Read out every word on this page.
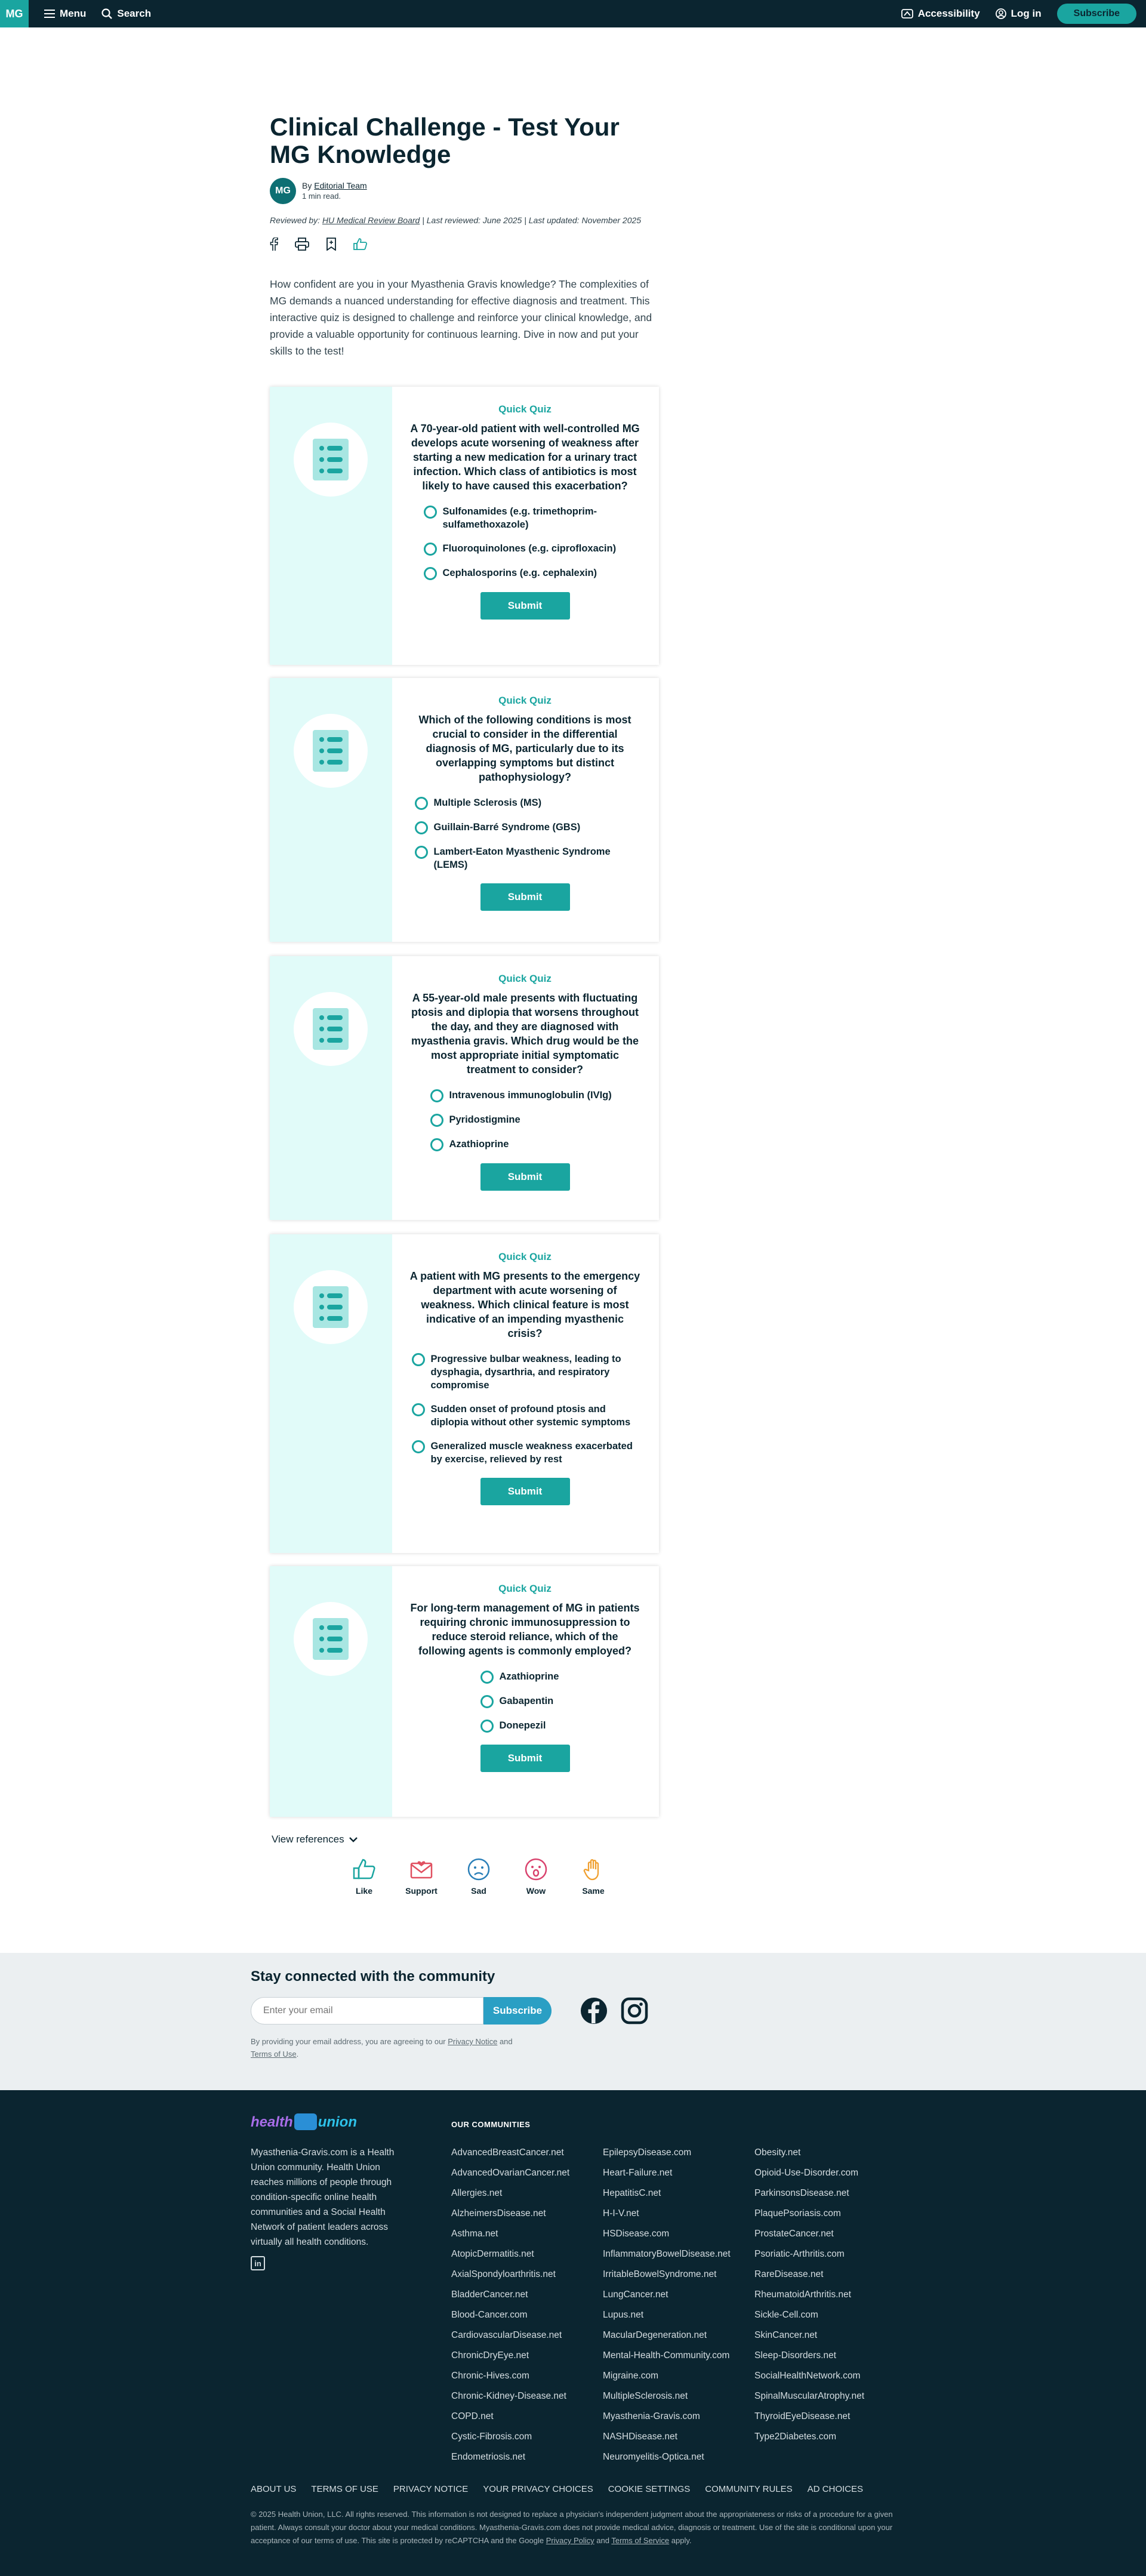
MG	Menu	Search	Accessibility	Log in	Subscribe
Clinical Challenge - Test Your MG Knowledge
MG	By Editorial Team
1 min read.
Reviewed by: HU Medical Review Board | Last reviewed: June 2025 | Last updated: November 2025

How confident are you in your Myasthenia Gravis knowledge? The complexities of MG demands a nuanced understanding for effective diagnosis and treatment. This interactive quiz is designed to challenge and reinforce your clinical knowledge, and provide a valuable opportunity for continuous learning. Dive in now and put your skills to the test!

Quick Quiz
A 70-year-old patient with well-controlled MG develops acute worsening of weakness after starting a new medication for a urinary tract infection. Which class of antibiotics is most likely to have caused this exacerbation?
Sulfonamides (e.g. trimethoprim-sulfamethoxazole)
Fluoroquinolones (e.g. ciprofloxacin)
Cephalosporins (e.g. cephalexin)
Submit
Quick Quiz
Which of the following conditions is most crucial to consider in the differential diagnosis of MG, particularly due to its overlapping symptoms but distinct pathophysiology?
Multiple Sclerosis (MS)
Guillain-Barré Syndrome (GBS)
Lambert-Eaton Myasthenic Syndrome (LEMS)
Submit
Quick Quiz
A 55-year-old male presents with fluctuating ptosis and diplopia that worsens throughout the day, and they are diagnosed with myasthenia gravis. Which drug would be the most appropriate initial symptomatic treatment to consider?
Intravenous immunoglobulin (IVIg)
Pyridostigmine
Azathioprine
Submit
Quick Quiz
A patient with MG presents to the emergency department with acute worsening of weakness. Which clinical feature is most indicative of an impending myasthenic crisis?
Progressive bulbar weakness, leading to dysphagia, dysarthria, and respiratory compromise
Sudden onset of profound ptosis and diplopia without other systemic symptoms
Generalized muscle weakness exacerbated by exercise, relieved by rest
Submit
Quick Quiz
For long-term management of MG in patients requiring chronic immunosuppression to reduce steroid reliance, which of the following agents is commonly employed?
Azathioprine
Gabapentin
Donepezil
Submit
View references
Like	Support	Sad	Wow	Same
Stay connected with the community
Enter your email
Subscribe
By providing your email address, you are agreeing to our Privacy Notice and
Terms of Use.
health union
Myasthenia-Gravis.com is a Health Union community. Health Union reaches millions of people through condition-specific online health communities and a Social Health Network of patient leaders across virtually all health conditions.
in
OUR COMMUNITIES
AdvancedBreastCancer.net
AdvancedOvarianCancer.net
Allergies.net
AlzheimersDisease.net
Asthma.net
AtopicDermatitis.net
AxialSpondyloarthritis.net
BladderCancer.net
Blood-Cancer.com
CardiovascularDisease.net
ChronicDryEye.net
Chronic-Hives.com
Chronic-Kidney-Disease.net
COPD.net
Cystic-Fibrosis.com
Endometriosis.net
EpilepsyDisease.com
Heart-Failure.net
HepatitisC.net
H-I-V.net
HSDisease.com
InflammatoryBowelDisease.net
IrritableBowelSyndrome.net
LungCancer.net
Lupus.net
MacularDegeneration.net
Mental-Health-Community.com
Migraine.com
MultipleSclerosis.net
Myasthenia-Gravis.com
NASHDisease.net
Neuromyelitis-Optica.net
Obesity.net
Opioid-Use-Disorder.com
ParkinsonsDisease.net
PlaquePsoriasis.com
ProstateCancer.net
Psoriatic-Arthritis.com
RareDisease.net
RheumatoidArthritis.net
Sickle-Cell.com
SkinCancer.net
Sleep-Disorders.net
SocialHealthNetwork.com
SpinalMuscularAtrophy.net
ThyroidEyeDisease.net
Type2Diabetes.com
ABOUT US TERMS OF USE PRIVACY NOTICE YOUR PRIVACY CHOICES COOKIE SETTINGS COMMUNITY RULES AD CHOICES
© 2025 Health Union, LLC. All rights reserved. This information is not designed to replace a physician's independent judgment about the appropriateness or risks of a procedure for a given patient. Always consult your doctor about your medical conditions. Myasthenia-Gravis.com does not provide medical advice, diagnosis or treatment. Use of the site is conditional upon your acceptance of our terms of use. This site is protected by reCAPTCHA and the Google Privacy Policy and Terms of Service apply.
